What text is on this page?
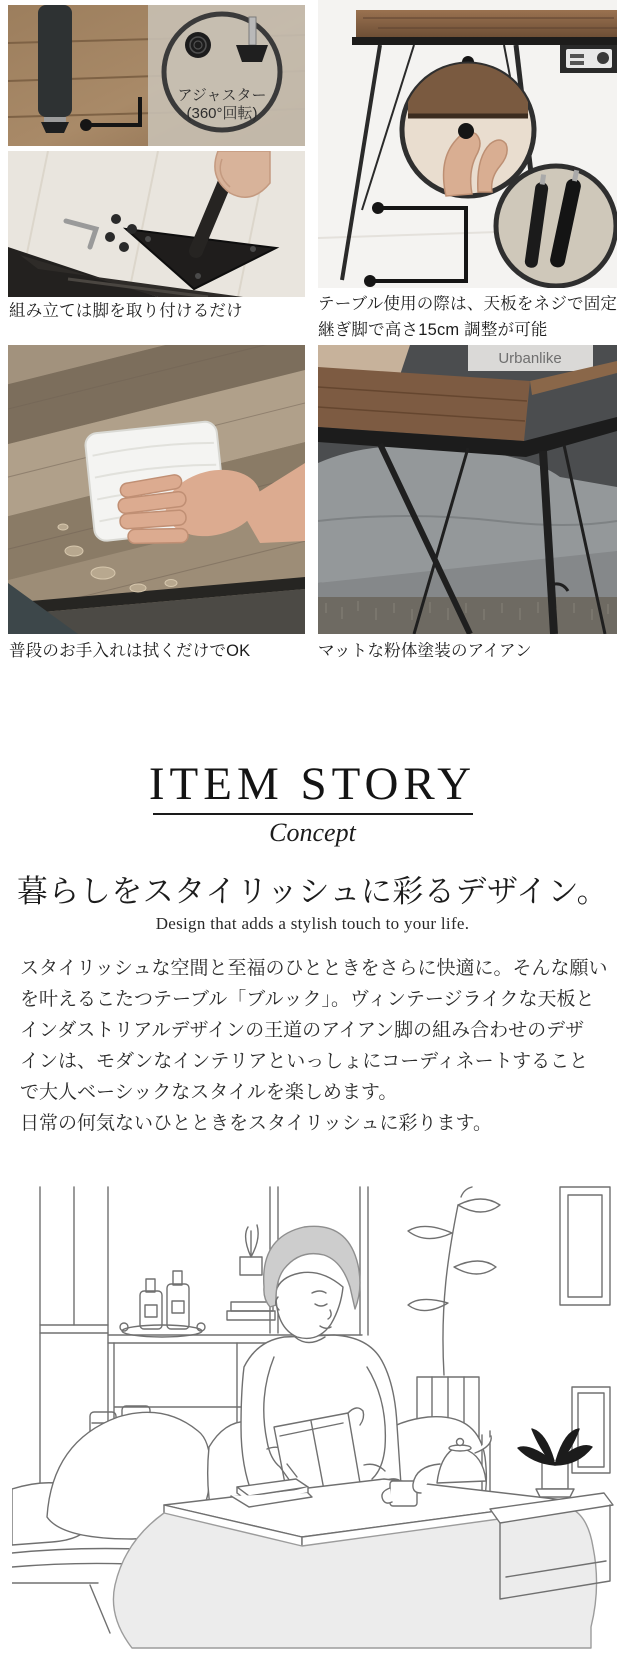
アジャスター
(360°回転)
組み立ては脚を取り付けるだけ	テーブル使用の際は、天板をネジで固定
継ぎ脚で高さ15cm 調整が可能
Urbanlike
普段のお手入れは拭くだけでOK	マットな粉体塗装のアイアン
ITEM STORY
Concept
暮らしをスタイリッシュに彩るデザイン。
Design that adds a stylish touch to your life.
スタイリッシュな空間と至福のひとときをさらに快適に。そんな願い
を叶えるこたつテーブル「ブルック」。ヴィンテージライクな天板と
インダストリアルデザインの王道のアイアン脚の組み合わせのデザ
インは、モダンなインテリアといっしょにコーディネートすること
で大人ベーシックなスタイルを楽しめます。
日常の何気ないひとときをスタイリッシュに彩ります。
